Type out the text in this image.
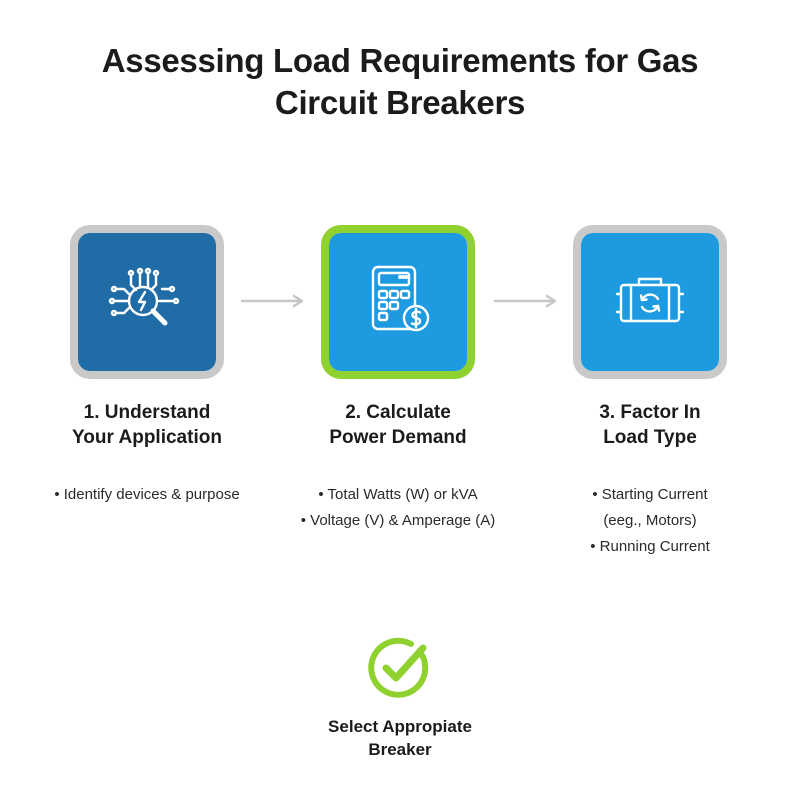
Assessing Load Requirements for Gas
Circuit Breakers
1. Understand
Your Application
• Identify devices & purpose
2. Calculate
Power Demand
• Total Watts (W) or kVA
• Voltage (V) & Amperage (A)
3. Factor In
Load Type
• Starting Current
(eeg., Motors)
• Running Current
Select Appropiate
Breaker
